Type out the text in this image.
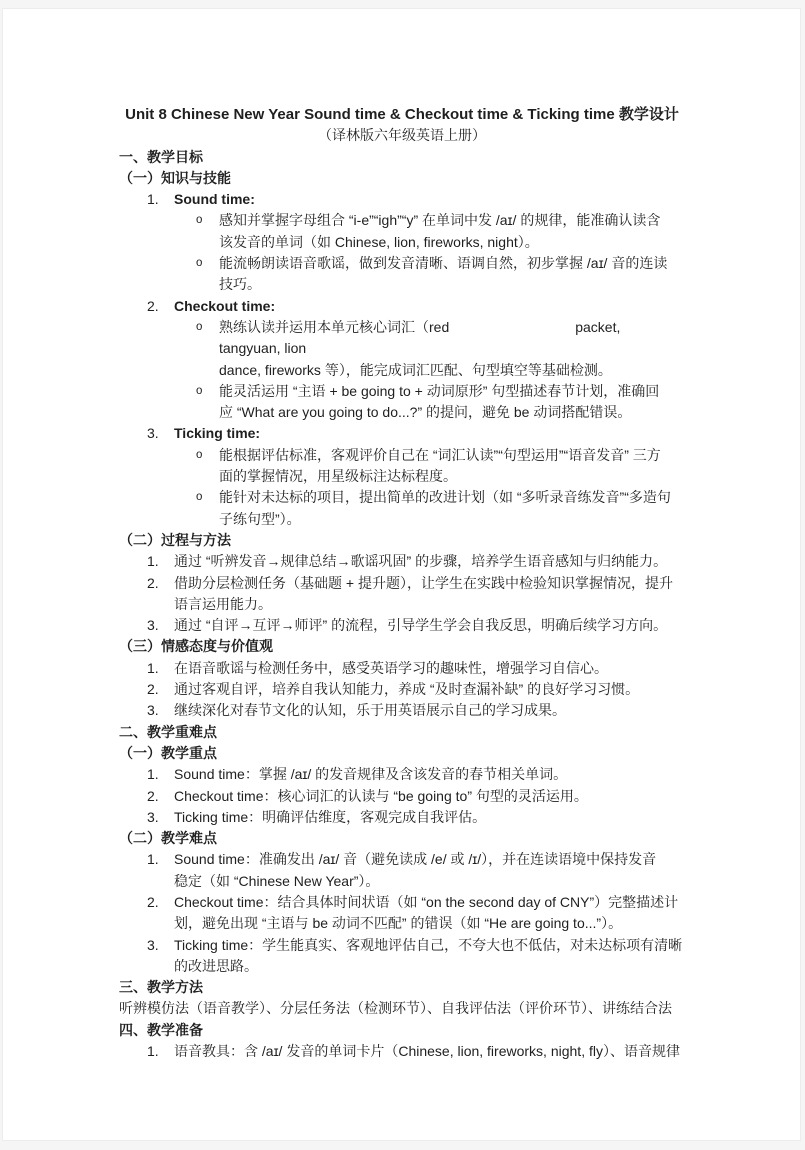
Unit 8 Chinese New Year Sound time & Checkout time & Ticking time 教学设计
（译林版六年级英语上册）
一、教学目标
（一）知识与技能
1.	Sound time:
o	感知并掌握字母组合 “i-e”“igh”“y” 在单词中发 /aɪ/ 的规律，能准确认读含
该发音的单词（如 Chinese, lion, fireworks, night）。
o	能流畅朗读语音歌谣，做到发音清晰、语调自然，初步掌握 /aɪ/ 音的连读
技巧。
2.	Checkout time:
o	熟练认读并运用本单元核心词汇（red　　　　　　　　　packet, tangyuan, lion
dance, fireworks 等），能完成词汇匹配、句型填空等基础检测。
o	能灵活运用 “主语 + be going to + 动词原形” 句型描述春节计划，准确回
应 “What are you going to do...?” 的提问，避免 be 动词搭配错误。
3.	Ticking time:
o	能根据评估标准，客观评价自己在 “词汇认读”“句型运用”“语音发音” 三方
面的掌握情况，用星级标注达标程度。
o	能针对未达标的项目，提出简单的改进计划（如 “多听录音练发音”“多造句
子练句型”）。
（二）过程与方法
1.	通过 “听辨发音→规律总结→歌谣巩固” 的步骤，培养学生语音感知与归纳能力。
2.	借助分层检测任务（基础题 + 提升题），让学生在实践中检验知识掌握情况，提升
语言运用能力。
3.	通过 “自评→互评→师评” 的流程，引导学生学会自我反思，明确后续学习方向。
（三）情感态度与价值观
1.	在语音歌谣与检测任务中，感受英语学习的趣味性，增强学习自信心。
2.	通过客观自评，培养自我认知能力，养成 “及时查漏补缺” 的良好学习习惯。
3.	继续深化对春节文化的认知，乐于用英语展示自己的学习成果。
二、教学重难点
（一）教学重点
1.	Sound time：掌握 /aɪ/ 的发音规律及含该发音的春节相关单词。
2.	Checkout time：核心词汇的认读与 “be going to” 句型的灵活运用。
3.	Ticking time：明确评估维度，客观完成自我评估。
（二）教学难点
1.	Sound time：准确发出 /aɪ/ 音（避免读成 /e/ 或 /ɪ/），并在连读语境中保持发音
稳定（如 “Chinese New Year”）。
2.	Checkout time：结合具体时间状语（如 “on the second day of CNY”）完整描述计
划，避免出现 “主语与 be 动词不匹配” 的错误（如 “He are going to...”）。
3.	Ticking time：学生能真实、客观地评估自己，不夸大也不低估，对未达标项有清晰
的改进思路。
三、教学方法
听辨模仿法（语音教学）、分层任务法（检测环节）、自我评估法（评价环节）、讲练结合法
四、教学准备
1.	语音教具：含 /aɪ/ 发音的单词卡片（Chinese, lion, fireworks, night, fly）、语音规律
